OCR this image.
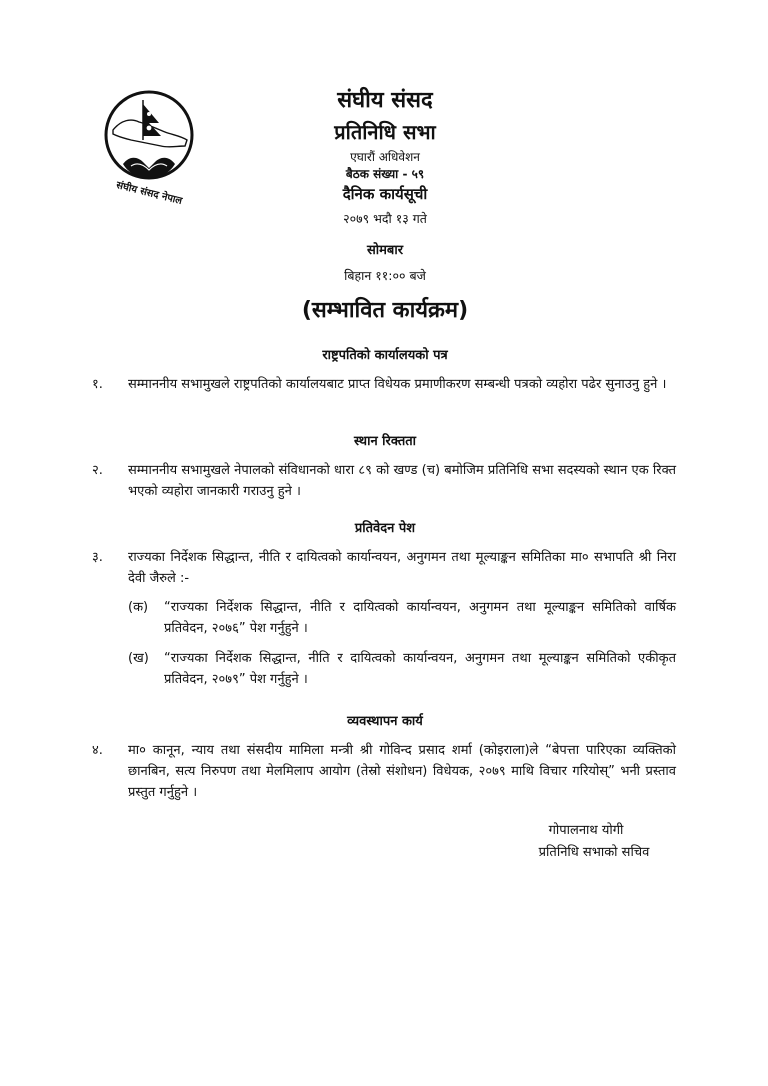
संघीय संसद नेपाल
संघीय संसद
प्रतिनिधि सभा
एघारौं अधिवेशन
बैठक संख्या - ५९
दैनिक कार्यसूची
२०७९ भदौ १३ गते
सोमबार
बिहान ११:०० बजे
(सम्भावित कार्यक्रम)
राष्ट्रपतिको कार्यालयको पत्र
१. सम्माननीय सभामुखले राष्ट्रपतिको कार्यालयबाट प्राप्त विधेयक प्रमाणीकरण सम्बन्धी पत्रको व्यहोरा पढेर सुनाउनु हुने ।
स्थान रिक्तता
२. सम्माननीय सभामुखले नेपालको संविधानको धारा ८९ को खण्ड (च) बमोजिम प्रतिनिधि सभा सदस्यको स्थान एक रिक्त भएको व्यहोरा जानकारी गराउनु हुने ।
प्रतिवेदन पेश
३. राज्यका निर्देशक सिद्धान्त, नीति र दायित्वको कार्यान्वयन, अनुगमन तथा मूल्याङ्कन समितिका मा० सभापति श्री निरा देवी जैरुले :-
(क) “राज्यका निर्देशक सिद्धान्त, नीति र दायित्वको कार्यान्वयन, अनुगमन तथा मूल्याङ्कन समितिको वार्षिक प्रतिवेदन, २०७६” पेश गर्नुहुने ।
(ख) “राज्यका निर्देशक सिद्धान्त, नीति र दायित्वको कार्यान्वयन, अनुगमन तथा मूल्याङ्कन समितिको एकीकृत प्रतिवेदन, २०७९” पेश गर्नुहुने ।
व्यवस्थापन कार्य
४. मा० कानून, न्याय तथा संसदीय मामिला मन्त्री श्री गोविन्द प्रसाद शर्मा (कोइराला)ले “बेपत्ता पारिएका व्यक्तिको छानबिन, सत्य निरुपण तथा मेलमिलाप आयोग (तेस्रो संशोधन) विधेयक, २०७९ माथि विचार गरियोस्” भनी प्रस्ताव प्रस्तुत गर्नुहुने ।
गोपालनाथ योगी
प्रतिनिधि सभाको सचिव
